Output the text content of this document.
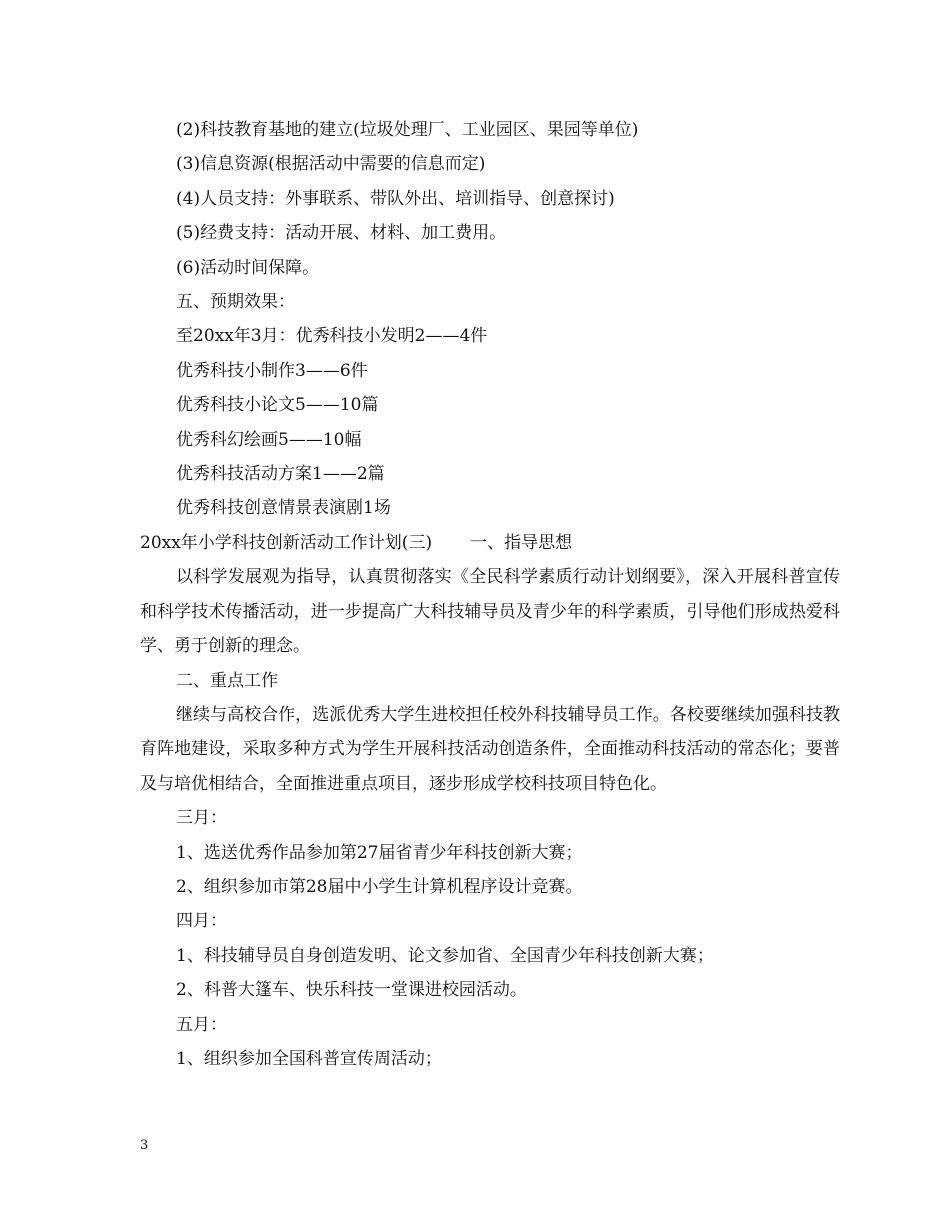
(2)科技教育基地的建立(垃圾处理厂、工业园区、果园等单位)

(3)信息资源(根据活动中需要的信息而定)

(4)人员支持：外事联系、带队外出、培训指导、创意探讨)

(5)经费支持：活动开展、材料、加工费用。

(6)活动时间保障。

五、预期效果：

至20xx年3月：优秀科技小发明2——4件

优秀科技小制作3——6件

优秀科技小论文5——10篇

优秀科幻绘画5——10幅

优秀科技活动方案1——2篇

优秀科技创意情景表演剧1场

20xx年小学科技创新活动工作计划(三) 一、指导思想

以科学发展观为指导，认真贯彻落实《全民科学素质行动计划纲要》，深入开展科普宣传和科学技术传播活动，进一步提高广大科技辅导员及青少年的科学素质，引导他们形成热爱科学、勇于创新的理念。

二、重点工作

继续与高校合作，选派优秀大学生进校担任校外科技辅导员工作。各校要继续加强科技教育阵地建设，采取多种方式为学生开展科技活动创造条件，全面推动科技活动的常态化；要普及与培优相结合，全面推进重点项目，逐步形成学校科技项目特色化。

三月：

1、选送优秀作品参加第27届省青少年科技创新大赛；

2、组织参加市第28届中小学生计算机程序设计竞赛。

四月：

1、科技辅导员自身创造发明、论文参加省、全国青少年科技创新大赛；

2、科普大篷车、快乐科技一堂课进校园活动。

五月：

1、组织参加全国科普宣传周活动；

3
